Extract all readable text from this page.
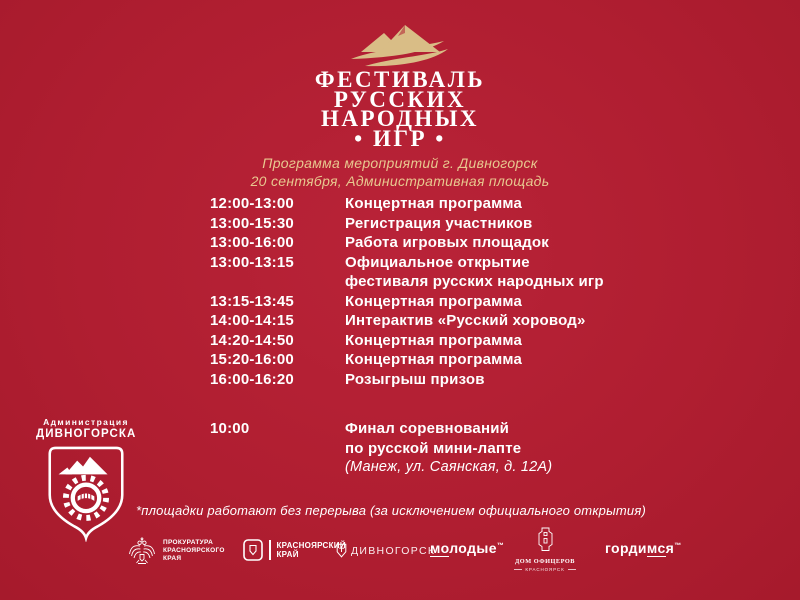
ФЕСТИВАЛЬ
РУССКИХ
НАРОДНЫХ
• ИГР •
Программа мероприятий г. Дивногорск
20 сентября, Административная площадь
12:00-13:00	Концертная программа
13:00-15:30	Регистрация участников
13:00-16:00	Работа игровых площадок
13:00-13:15	Официальное открытие
фестиваля русских народных игр
13:15-13:45	Концертная программа
14:00-14:15	Интерактив «Русский хоровод»
14:20-14:50	Концертная программа
15:20-16:00	Концертная программа
16:00-16:20	Розыгрыш призов
10:00	Финал соревнований
по русской мини-лапте
(Манеж, ул. Саянская, д. 12А)
Администрация
ДИВНОГОРСКА
*площадки работают без перерыва (за исключением официального открытия)
ПРОКУРАТУРА
КРАСНОЯРСКОГО
КРАЯ
КРАСНОЯРСКИЙ
КРАЙ	ДИВНОГОРСК
молодые™
ДОМ ОФИЦЕРОВ
КРАСНОЯРСК
гордимся™
